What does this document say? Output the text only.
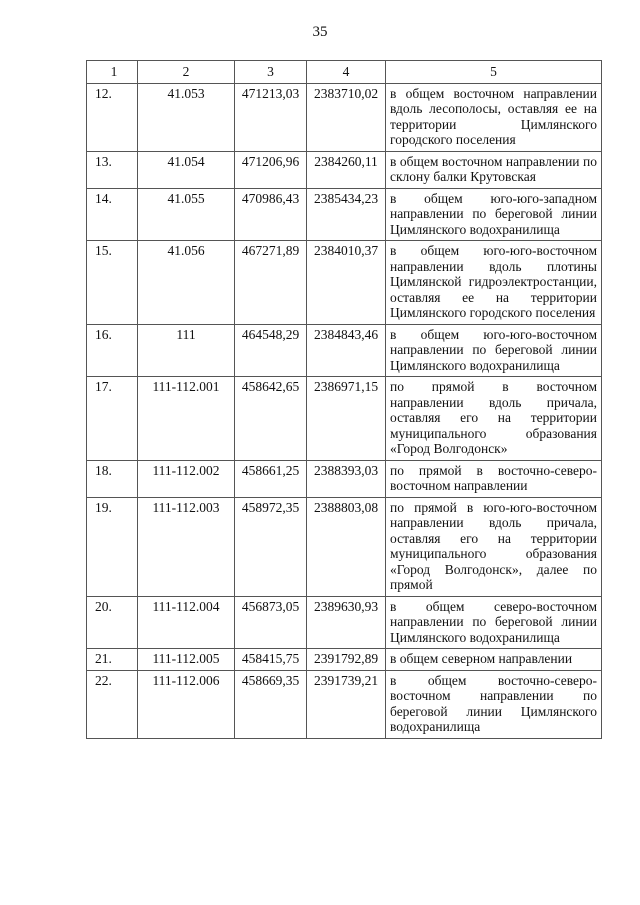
35
1	2	3	4	5
12.	41.053	471213,03	2383710,02	в общем восточном направлении вдоль лесополосы, оставляя ее на территории Цимлянского городского поселения
13.	41.054	471206,96	2384260,11	в общем восточном направлении по склону балки Крутовская
14.	41.055	470986,43	2385434,23	в общем юго-юго-западном направлении по береговой линии Цимлянского водохранилища
15.	41.056	467271,89	2384010,37	в общем юго-юго-восточном направлении вдоль плотины Цимлянской гидроэлектростанции, оставляя ее на территории Цимлянского городского поселения
16.	111	464548,29	2384843,46	в общем юго-юго-восточном направлении по береговой линии Цимлянского водохранилища
17.	111-112.001	458642,65	2386971,15	по прямой в восточном направлении вдоль причала, оставляя его на территории муниципального образования «Город Волгодонск»
18.	111-112.002	458661,25	2388393,03	по прямой в восточно-северо-восточном направлении
19.	111-112.003	458972,35	2388803,08	по прямой в юго-юго-восточном направлении вдоль причала, оставляя его на территории муниципального образования «Город Волгодонск», далее по прямой
20.	111-112.004	456873,05	2389630,93	в общем северо-восточном направлении по береговой линии Цимлянского водохранилища
21.	111-112.005	458415,75	2391792,89	в общем северном направлении
22.	111-112.006	458669,35	2391739,21	в общем восточно-северо-восточном направлении по береговой линии Цимлянского водохранилища
